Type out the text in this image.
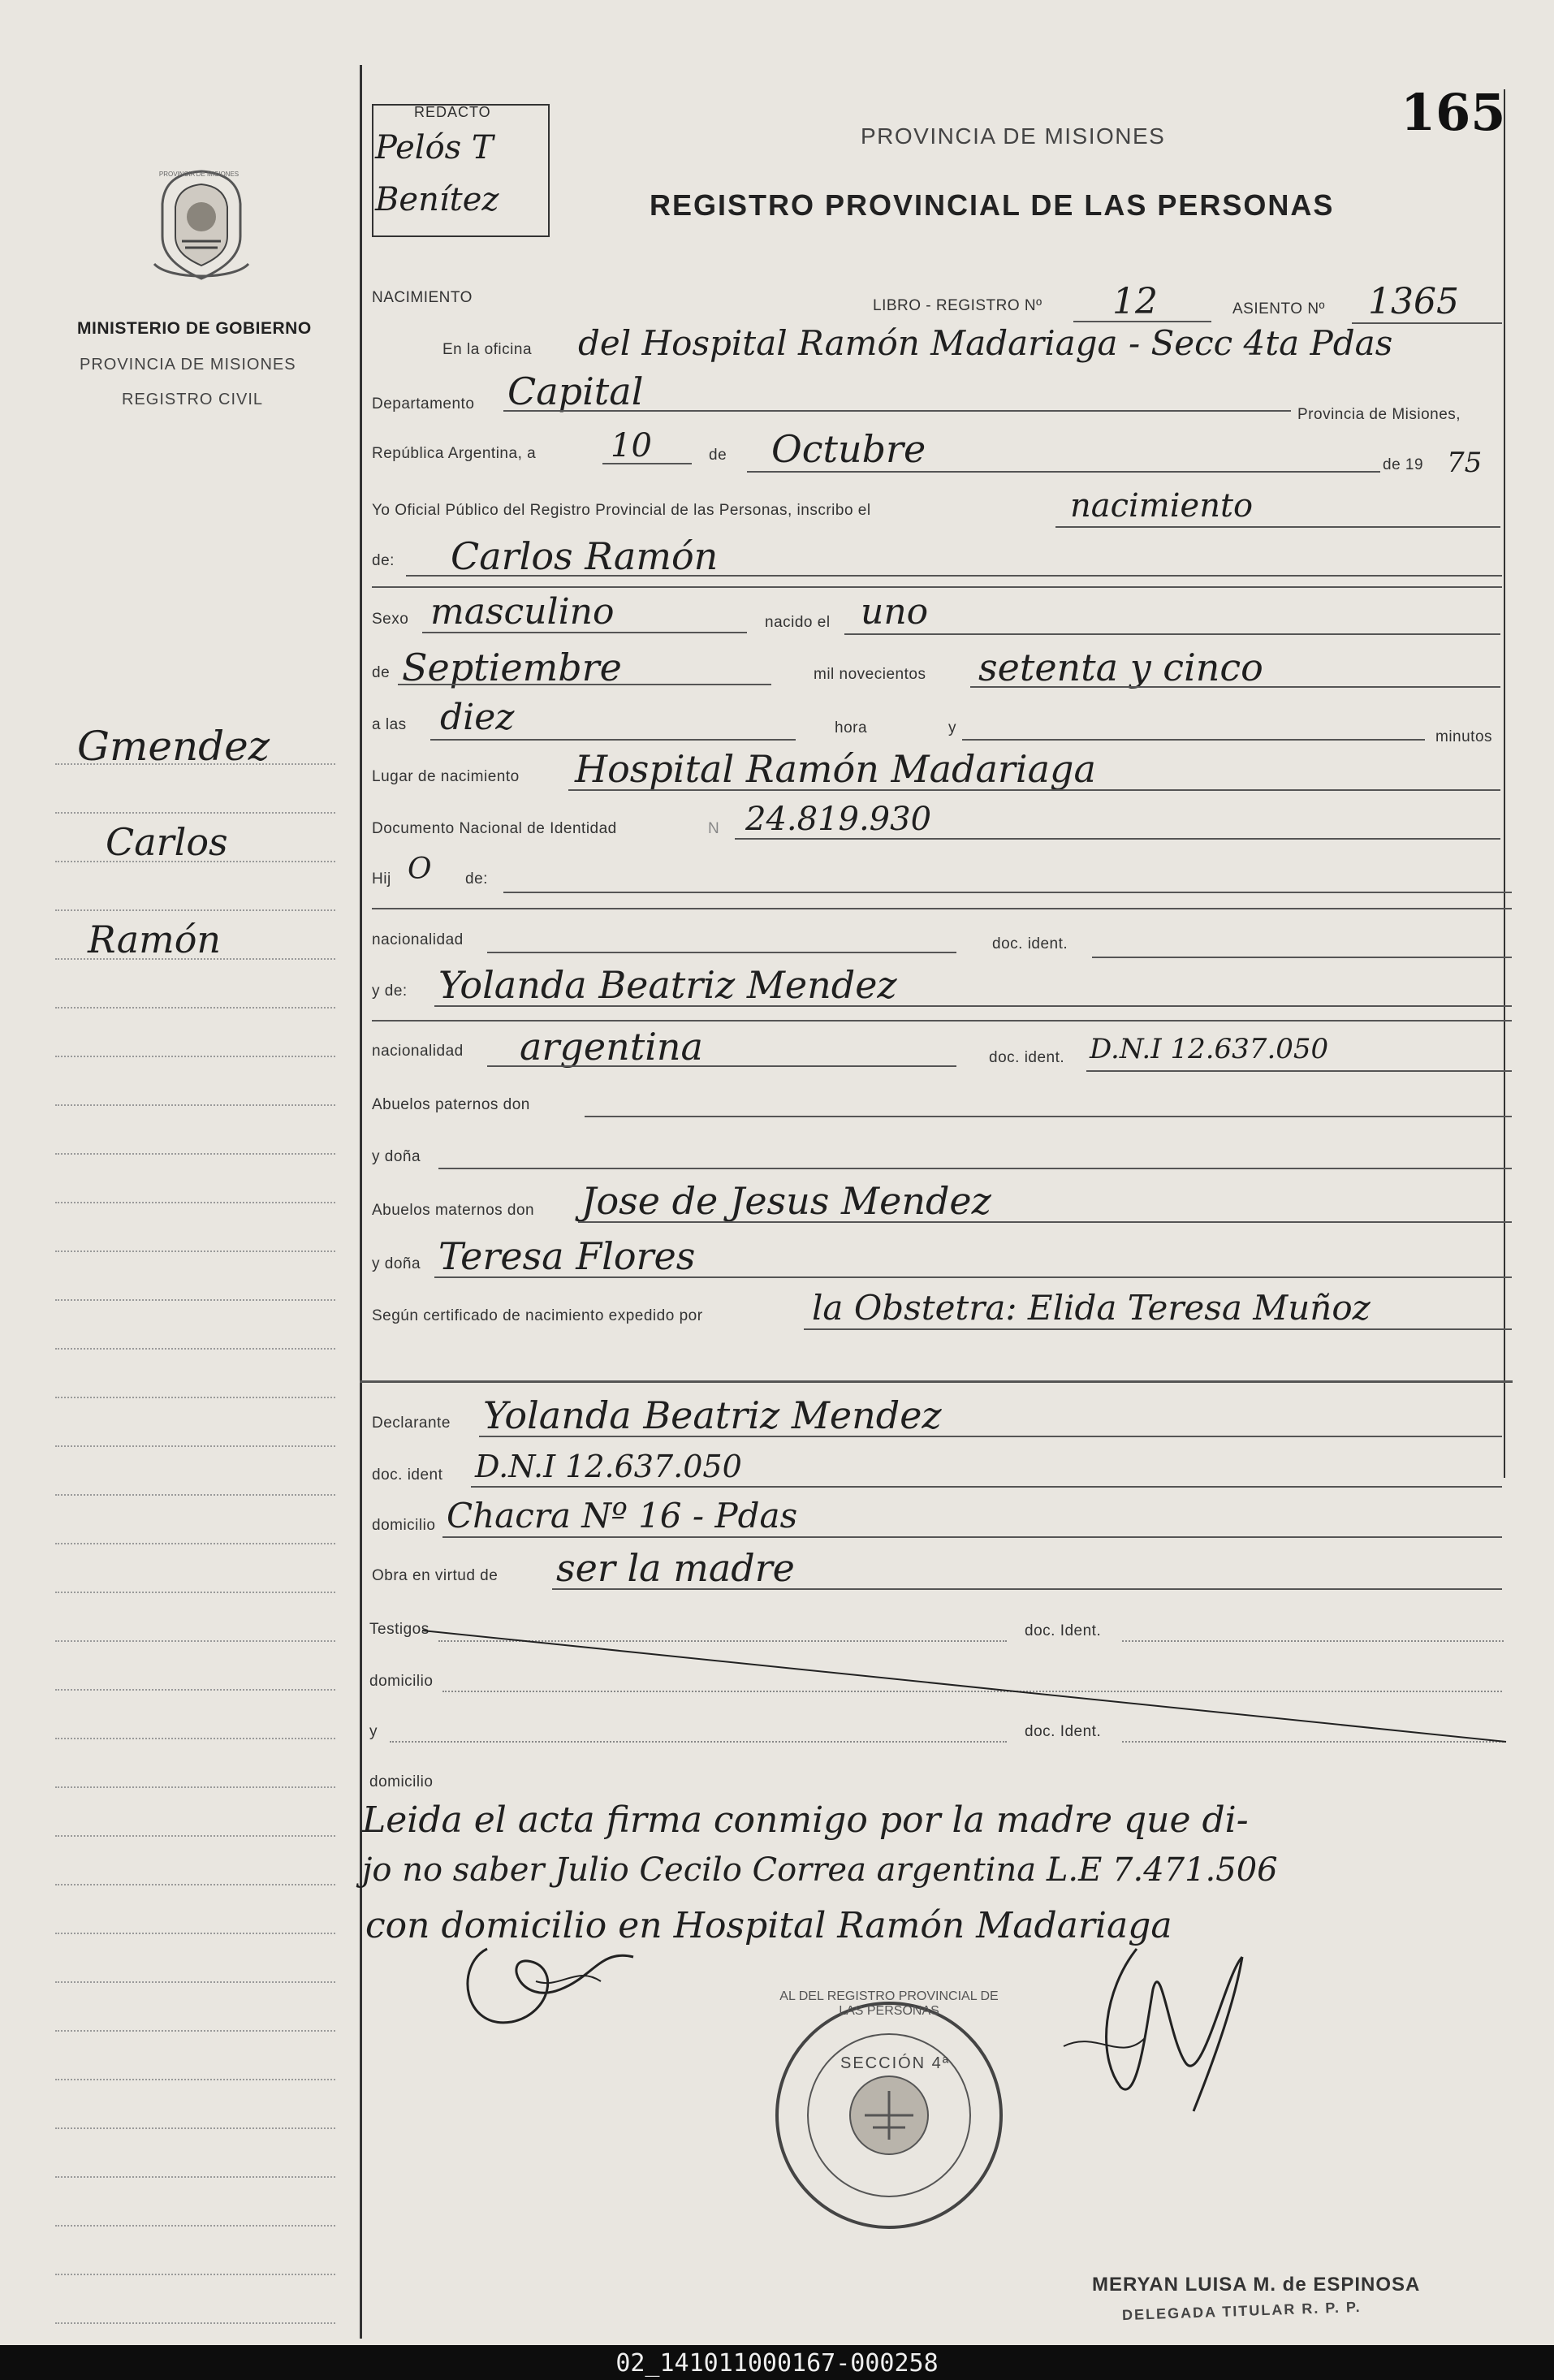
PROVINCIA DE MISIONES
MINISTERIO DE GOBIERNO
PROVINCIA DE MISIONES
REGISTRO CIVIL
Gmendez
Carlos
Ramón
REDACTO
Pelós T Benítez
PROVINCIA DE MISIONES
REGISTRO PROVINCIAL DE LAS PERSONAS
165
NACIMIENTO	LIBRO - REGISTRO Nº 12	ASIENTO Nº 1365
En la oficina del Hospital Ramón Madariaga - Secc 4ta Pdas
Departamento Capital
Provincia de Misiones,
República Argentina, a 10	de Octubre	de 19 75
Yo Oficial Público del Registro Provincial de las Personas, inscribo el	nacimiento
de: Carlos Ramón
Sexo masculino	nacido el uno
de Septiembre	mil novecientos setenta y cinco
a las diez	hora	y
minutos
Lugar de nacimiento Hospital Ramón Madariaga
Documento Nacional de Identidad	N 24.819.930
Hij O de:
nacionalidad	doc. ident.
y de: Yolanda Beatriz Mendez
nacionalidad argentina	doc. ident. D.N.I 12.637.050
Abuelos paternos don
y doña
Abuelos maternos don Jose de Jesus Mendez
y doña Teresa Flores
Según certificado de nacimiento expedido por	la Obstetra: Elida Teresa Muñoz
Declarante Yolanda Beatriz Mendez
doc. ident D.N.I 12.637.050
domicilio Chacra Nº 16 - Pdas
Obra en virtud de ser la madre
Testigos	doc. Ident.
domicilio
y	doc. Ident.
domicilio
Leida el acta firma conmigo por la madre que di-
jo no saber Julio Cecilo Correa argentina L.E 7.471.506
con domicilio en Hospital Ramón Madariaga
AL DEL REGISTRO PROVINCIAL DE LAS PERSONAS
SECCIÓN 4ª
MERYAN LUISA M. de ESPINOSA
DELEGADA TITULAR R. P. P.
02_141011000167-000258
